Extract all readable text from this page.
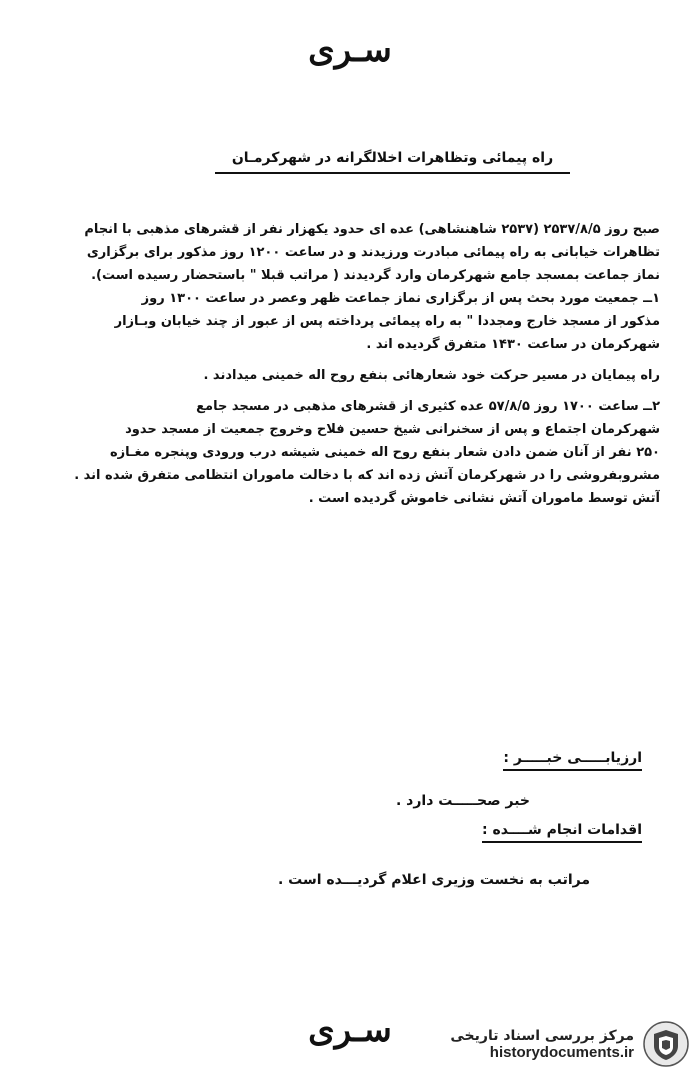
سـری
راه پیمائی وتظاهرات اخلالگرانه در شهرکرمـان
صبح روز ۲۵۳۷/۸/۵ (۲۵۳۷ شاهنشاهی) عده ای حدود یکهزار نفر از قشرهای مذهبی با انجام
تظاهرات خیابانی به راه پیمائی مبادرت ورزیدند و در ساعت ۱۲۰۰ روز مذکور برای برگزاری
نماز جماعت بمسجد جامع شهرکرمان وارد گردیدند ( مراتب قبلا " باستحضار رسیده است).
۱ــ جمعیت مورد بحث پس از برگزاری نماز جماعت ظهر وعصر در ساعت ۱۳۰۰ روز
مذکور از مسجد خارج ومجددا " به راه پیمائی پرداخته پس از عبور از چند خیابان وبـازار
شهرکرمان در ساعت ۱۴۳۰ متفرق گردیده اند .
راه پیمایان در مسیر حرکت خود شعارهائی بنفع روح اله خمینی میدادند .
۲ــ ساعت ۱۷۰۰ روز ۵۷/۸/۵ عده کثیری از قشرهای مذهبی در مسجد جامع
شهرکرمان اجتماع و پس از سخنرانی شیخ حسین فلاح وخروج جمعیت از مسجد حدود
۲۵۰ نفر از آنان ضمن دادن شعار بنفع روح اله خمینی شیشه درب ورودی وپنجره مغـازه
مشروبفروشی را در شهرکرمان آتش زده اند که با دخالت ماموران انتظامی متفرق شده اند .
آتش توسط ماموران آتش نشانی خاموش گردیده است .
ارزیابـــــی خبـــــر :
خبر صحـــــت دارد .
اقدامات انجام شــــده :
مراتب به نخست وزیری اعلام گردیـــده است .
سـری	مرکز بررسی اسناد تاریخی
historydocuments.ir
